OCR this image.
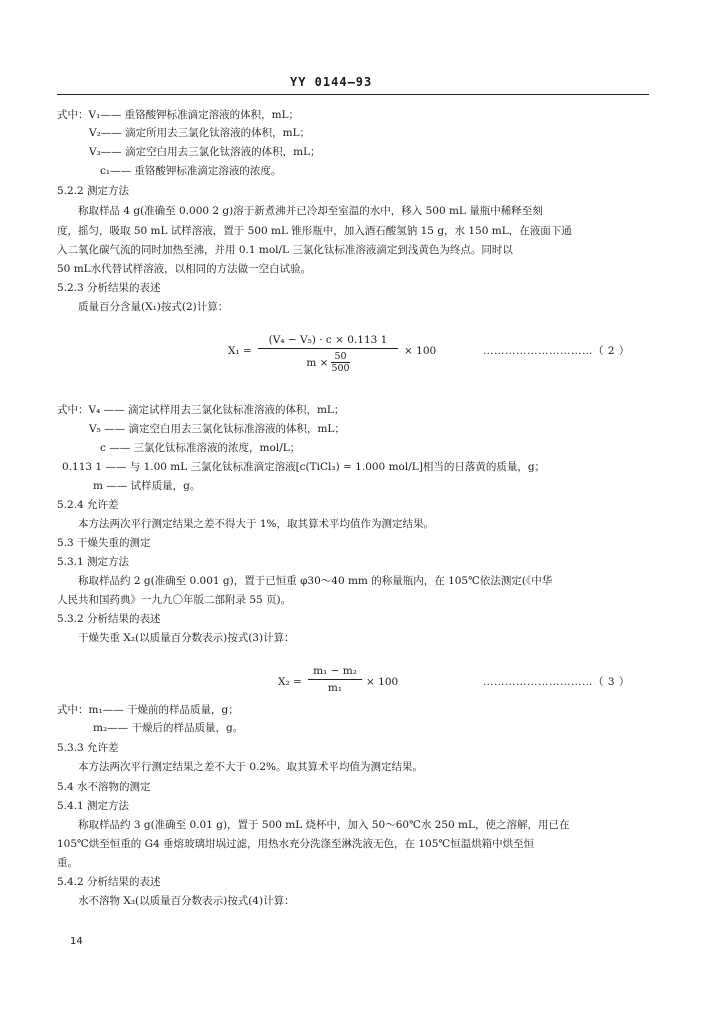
YY 0144—93
式中：V₁—— 重铬酸钾标准滴定溶液的体积，mL；
V₂—— 滴定所用去三氯化钛溶液的体积，mL；
V₃—— 滴定空白用去三氯化钛溶液的体积，mL；
c₁—— 重铬酸钾标准滴定溶液的浓度。
5.2.2 测定方法
称取样品 4 g(准确至 0.000 2 g)溶于新煮沸并已冷却至室温的水中，移入 500 mL 量瓶中稀释至刻
度，摇匀，吸取 50 mL 试样溶液，置于 500 mL 锥形瓶中，加入酒石酸氢钠 15 g，水 150 mL，在液面下通
入二氧化碳气流的同时加热至沸，并用 0.1 mol/L 三氯化钛标准溶液滴定到浅黄色为终点。同时以
50 mL水代替试样溶液，以相同的方法做一空白试验。
5.2.3 分析结果的表述
质量百分含量(X₁)按式(2)计算：
X₁ =
(V₄ − V₅) · c × 0.113 1
m × 50
500
× 100	…………………………（ 2 ）
式中：V₄ —— 滴定试样用去三氯化钛标准溶液的体积，mL；
V₅ —— 滴定空白用去三氯化钛标准溶液的体积，mL；
c —— 三氯化钛标准溶液的浓度，mol/L；
0.113 1 —— 与 1.00 mL 三氯化钛标准滴定溶液[c(TiCl₃) = 1.000 mol/L]相当的日落黄的质量，g；
m —— 试样质量，g。
5.2.4 允许差
本方法两次平行测定结果之差不得大于 1%，取其算术平均值作为测定结果。
5.3 干燥失重的测定
5.3.1 测定方法
称取样品约 2 g(准确至 0.001 g)，置于已恒重 φ30～40 mm 的称量瓶内，在 105℃依法测定(《中华
人民共和国药典》一九九〇年版二部附录 55 页)。
5.3.2 分析结果的表述
干燥失重 X₂(以质量百分数表示)按式(3)计算：
X₂ =
m₁ − m₂
m₁ × 100	…………………………（ 3 ）
式中：m₁—— 干燥前的样品质量，g；
m₂—— 干燥后的样品质量，g。
5.3.3 允许差
本方法两次平行测定结果之差不大于 0.2%。取其算术平均值为测定结果。
5.4 水不溶物的测定
5.4.1 测定方法
称取样品约 3 g(准确至 0.01 g)，置于 500 mL 烧杯中，加入 50～60℃水 250 mL，使之溶解，用已在
105℃烘至恒重的 G4 垂熔玻璃坩埚过滤，用热水充分洗涤至淋洗液无色，在 105℃恒温烘箱中烘至恒
重。
5.4.2 分析结果的表述
水不溶物 X₃(以质量百分数表示)按式(4)计算：
14
